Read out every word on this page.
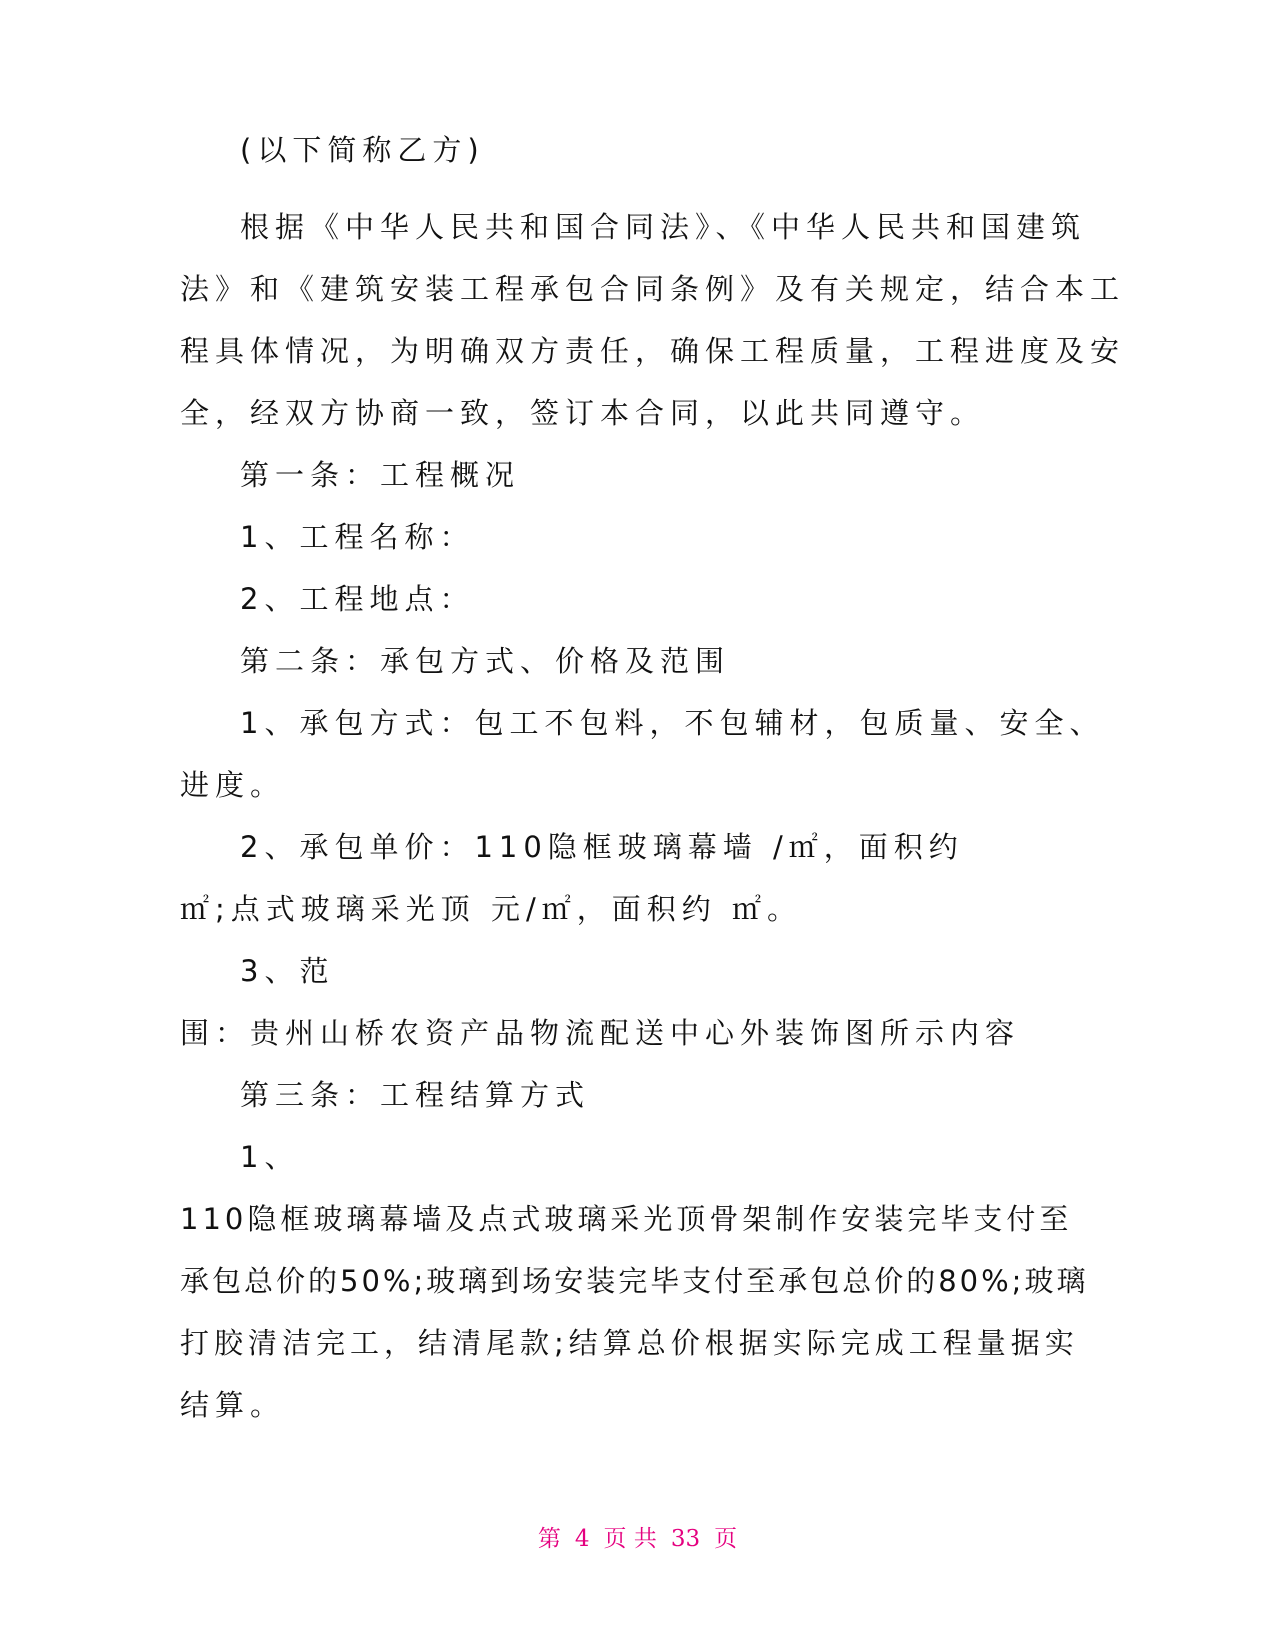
(以下简称乙方)
根据《中华人民共和国合同法》、《中华人民共和国建筑
法》和《建筑安装工程承包合同条例》及有关规定，结合本工
程具体情况，为明确双方责任，确保工程质量，工程进度及安
全，经双方协商一致，签订本合同，以此共同遵守。
第一条：工程概况
1、工程名称：
2、工程地点：
第二条：承包方式、价格及范围
1、承包方式：包工不包料，不包辅材，包质量、安全、
进度。
2、承包单价：110隐框玻璃幕墙 /㎡，面积约
㎡;点式玻璃采光顶 元/㎡，面积约 ㎡。
3、范
围：贵州山桥农资产品物流配送中心外装饰图所示内容
第三条：工程结算方式
1、
110隐框玻璃幕墙及点式玻璃采光顶骨架制作安装完毕支付至
承包总价的50%;玻璃到场安装完毕支付至承包总价的80%;玻璃
打胶清洁完工，结清尾款;结算总价根据实际完成工程量据实
结算。
第 4 页 共 33 页
